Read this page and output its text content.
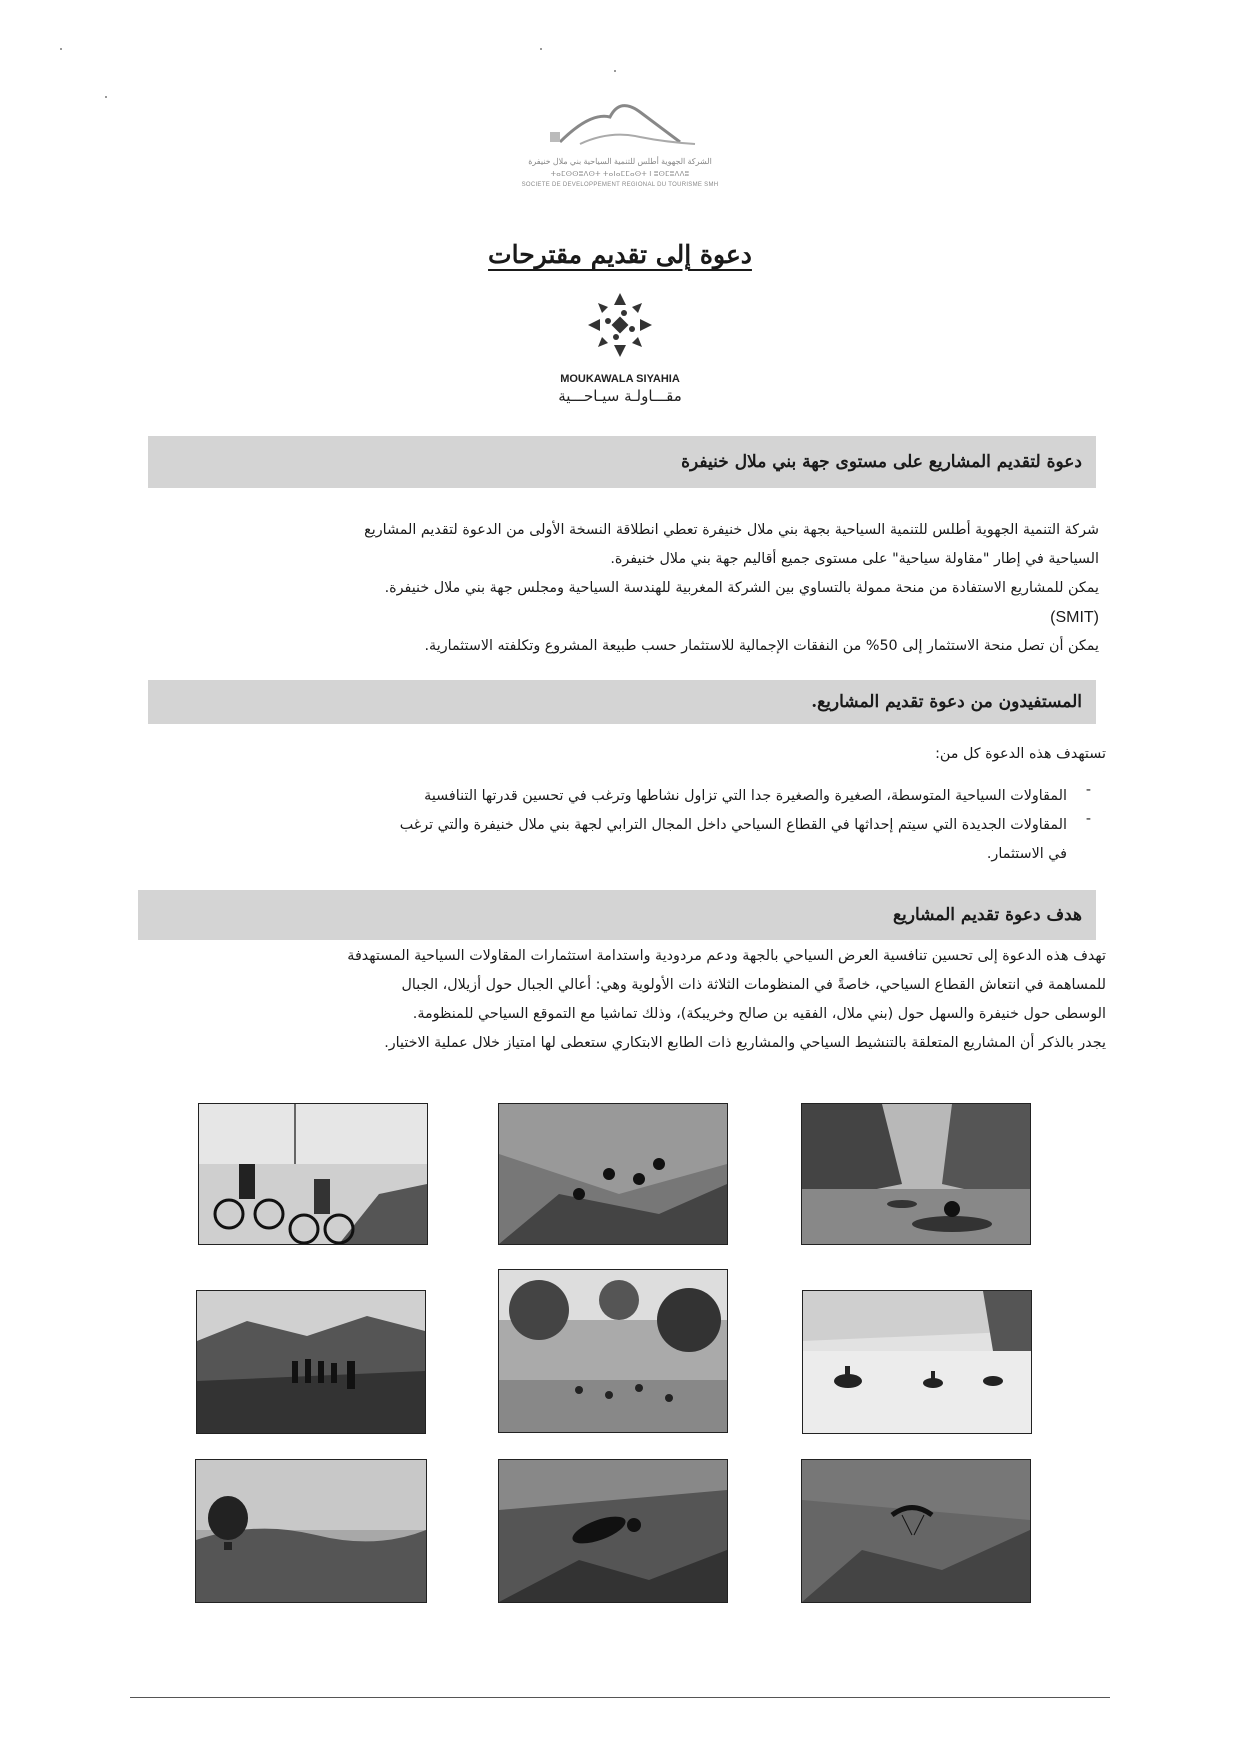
الشركة الجهوية أطلس للتنمية السياحية بني ملال خنيفرة
ⵜⴰⵎⵙⵙⵓⴷⵙⵜ ⵜⴰⵏⴰⵎⵎⴰⵙⵜ ⵏ ⵓⵙⵎⵓⴷⴷⵓ
SOCIETE DE DEVELOPPEMENT REGIONAL DU TOURISME SMH
دعوة إلى تقديم مقترحات
MOUKAWALA SIYAHIA
مقـــاولـة سيـاحـــية
دعوة لتقديم المشاريع على مستوى جهة بني ملال خنيفرة
شركة التنمية الجهوية أطلس للتنمية السياحية بجهة بني ملال خنيفرة تعطي انطلاقة النسخة الأولى من الدعوة لتقديم المشاريع
السياحية في إطار "مقاولة سياحية" على مستوى جميع أقاليم جهة بني ملال خنيفرة.
يمكن للمشاريع الاستفادة من منحة ممولة بالتساوي بين الشركة المغربية للهندسة السياحية ومجلس جهة بني ملال خنيفرة.
(SMIT)
يمكن أن تصل منحة الاستثمار إلى 50% من النفقات الإجمالية للاستثمار حسب طبيعة المشروع وتكلفته الاستثمارية.
المستفيدون من دعوة تقديم المشاريع.
تستهدف هذه الدعوة كل من:
-
المقاولات السياحية المتوسطة، الصغيرة والصغيرة جدا التي تزاول نشاطها وترغب في تحسين قدرتها التنافسية
-
المقاولات الجديدة التي سيتم إحداثها في القطاع السياحي داخل المجال الترابي لجهة بني ملال خنيفرة والتي ترغب
في الاستثمار.
هدف دعوة تقديم المشاريع
تهدف هذه الدعوة إلى تحسين تنافسية العرض السياحي بالجهة ودعم مردودية واستدامة استثمارات المقاولات السياحية المستهدفة
للمساهمة في انتعاش القطاع السياحي، خاصةً في المنظومات الثلاثة ذات الأولوية وهي: أعالي الجبال حول أزيلال، الجبال
الوسطى حول خنيفرة والسهل حول (بني ملال، الفقيه بن صالح وخريبكة)، وذلك تماشيا مع التموقع السياحي للمنظومة.
يجدر بالذكر أن المشاريع المتعلقة بالتنشيط السياحي والمشاريع ذات الطابع الابتكاري ستعطى لها امتياز خلال عملية الاختيار.
